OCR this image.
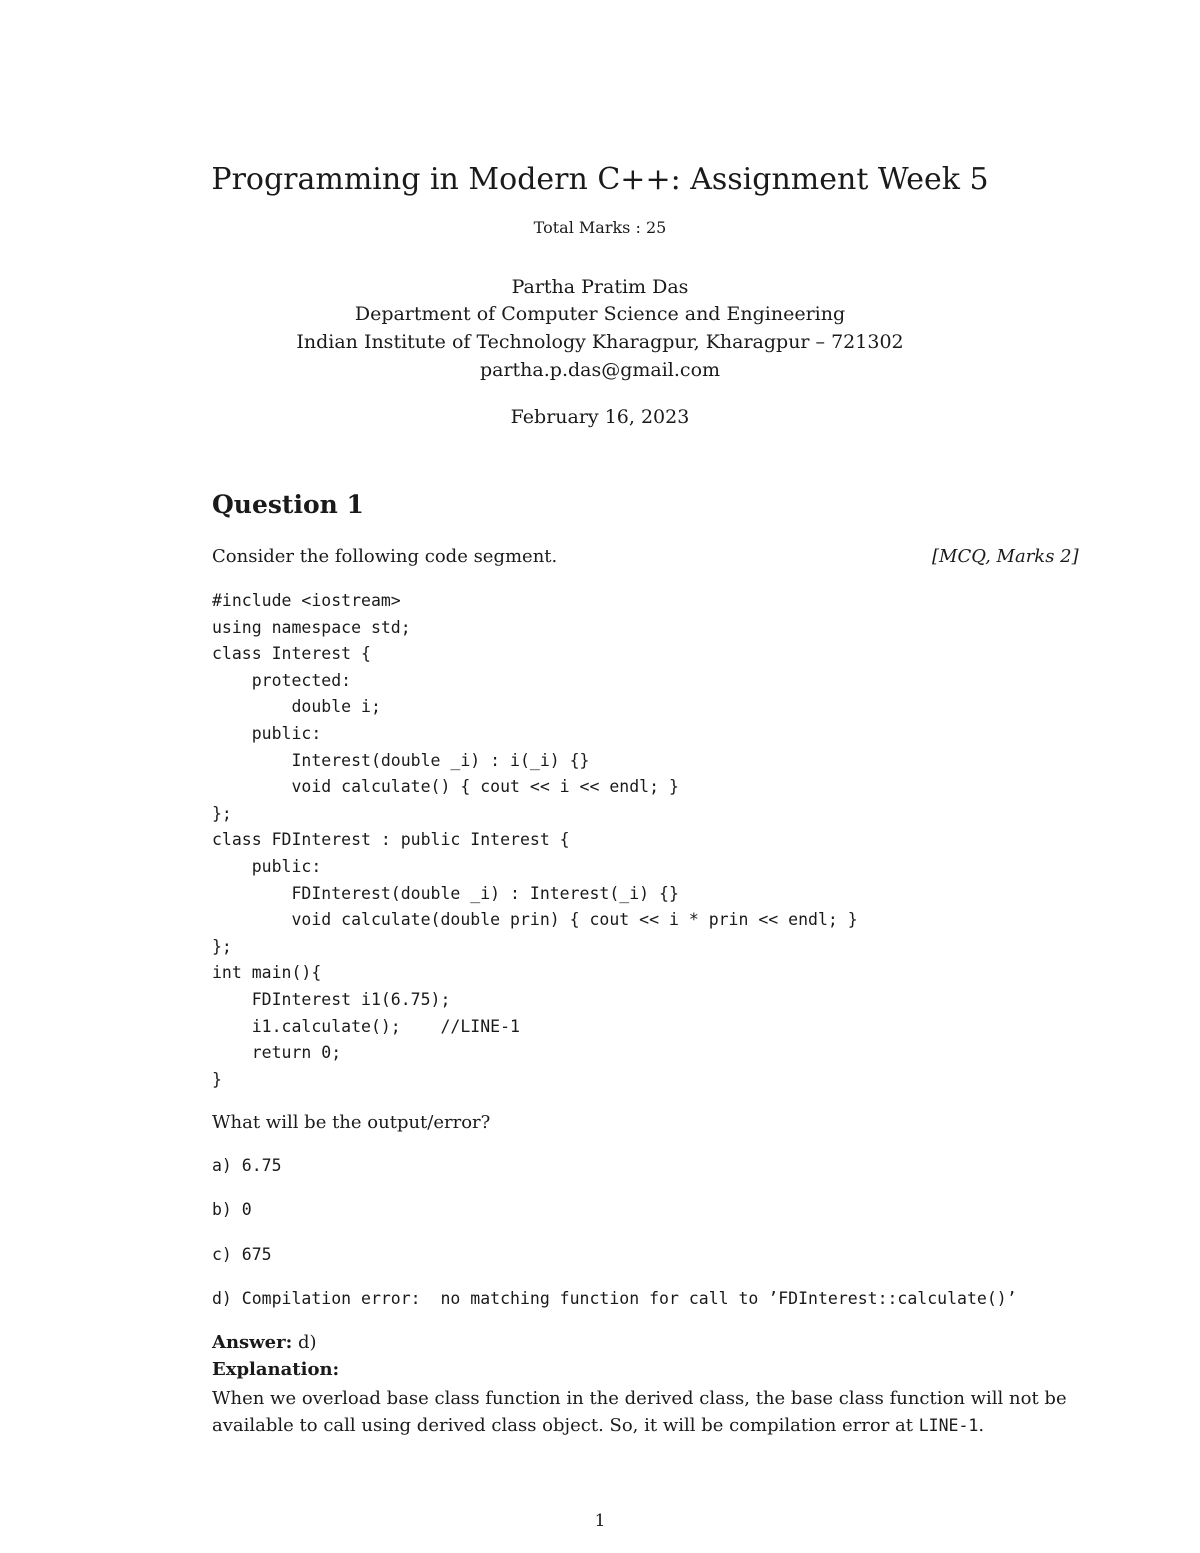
Programming in Modern C++: Assignment Week 5
Total Marks : 25
Partha Pratim Das
Department of Computer Science and Engineering
Indian Institute of Technology Kharagpur, Kharagpur – 721302
partha.p.das@gmail.com
February 16, 2023
Question 1
Consider the following code segment.	[MCQ, Marks 2]
#include <iostream>
using namespace std;
class Interest {
protected:
double i;
public:
Interest(double _i) : i(_i) {}
void calculate() { cout << i << endl; }
};
class FDInterest : public Interest {
public:
FDInterest(double _i) : Interest(_i) {}
void calculate(double prin) { cout << i * prin << endl; }
};
int main(){
FDInterest i1(6.75);
i1.calculate();    //LINE-1
return 0;
}
What will be the output/error?
a) 6.75
b) 0
c) 675
d) Compilation error:  no matching function for call to ’FDInterest::calculate()’
Answer: d)
Explanation:
When we overload base class function in the derived class, the base class function will not be available to call using derived class object. So, it will be compilation error at LINE-1.
1
